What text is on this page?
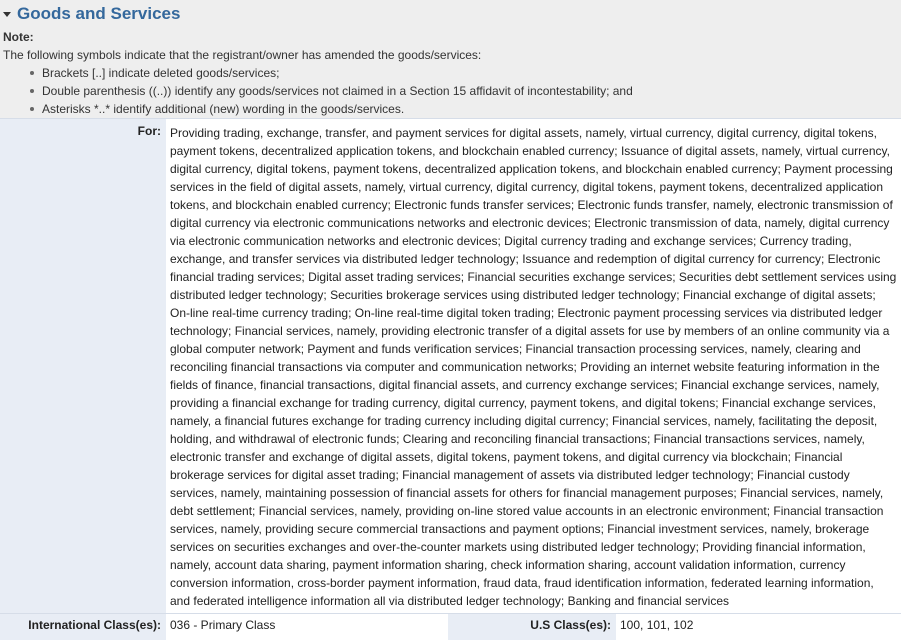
Goods and Services
Note:
The following symbols indicate that the registrant/owner has amended the goods/services:
Brackets [..] indicate deleted goods/services;
Double parenthesis ((..)) identify any goods/services not claimed in a Section 15 affidavit of incontestability; and
Asterisks *..* identify additional (new) wording in the goods/services.
For: Providing trading, exchange, transfer, and payment services for digital assets, namely, virtual currency, digital currency, digital tokens, payment tokens, decentralized application tokens, and blockchain enabled currency; Issuance of digital assets, namely, virtual currency, digital currency, digital tokens, payment tokens, decentralized application tokens, and blockchain enabled currency; Payment processing services in the field of digital assets, namely, virtual currency, digital currency, digital tokens, payment tokens, decentralized application tokens, and blockchain enabled currency; Electronic funds transfer services; Electronic funds transfer, namely, electronic transmission of digital currency via electronic communications networks and electronic devices; Electronic transmission of data, namely, digital currency via electronic communication networks and electronic devices; Digital currency trading and exchange services; Currency trading, exchange, and transfer services via distributed ledger technology; Issuance and redemption of digital currency for currency; Electronic financial trading services; Digital asset trading services; Financial securities exchange services; Securities debt settlement services using distributed ledger technology; Securities brokerage services using distributed ledger technology; Financial exchange of digital assets; On-line real-time currency trading; On-line real-time digital token trading; Electronic payment processing services via distributed ledger technology; Financial services, namely, providing electronic transfer of a digital assets for use by members of an online community via a global computer network; Payment and funds verification services; Financial transaction processing services, namely, clearing and reconciling financial transactions via computer and communication networks; Providing an internet website featuring information in the fields of finance, financial transactions, digital financial assets, and currency exchange services; Financial exchange services, namely, providing a financial exchange for trading currency, digital currency, payment tokens, and digital tokens; Financial exchange services, namely, a financial futures exchange for trading currency including digital currency; Financial services, namely, facilitating the deposit, holding, and withdrawal of electronic funds; Clearing and reconciling financial transactions; Financial transactions services, namely, electronic transfer and exchange of digital assets, digital tokens, payment tokens, and digital currency via blockchain; Financial brokerage services for digital asset trading; Financial management of assets via distributed ledger technology; Financial custody services, namely, maintaining possession of financial assets for others for financial management purposes; Financial services, namely, debt settlement; Financial services, namely, providing on-line stored value accounts in an electronic environment; Financial transaction services, namely, providing secure commercial transactions and payment options; Financial investment services, namely, brokerage services on securities exchanges and over-the-counter markets using distributed ledger technology; Providing financial information, namely, account data sharing, payment information sharing, check information sharing, account validation information, currency conversion information, cross-border payment information, fraud data, fraud identification information, federated learning information, and federated intelligence information all via distributed ledger technology; Banking and financial services
International Class(es): 036 - Primary Class	U.S Class(es): 100, 101, 102
